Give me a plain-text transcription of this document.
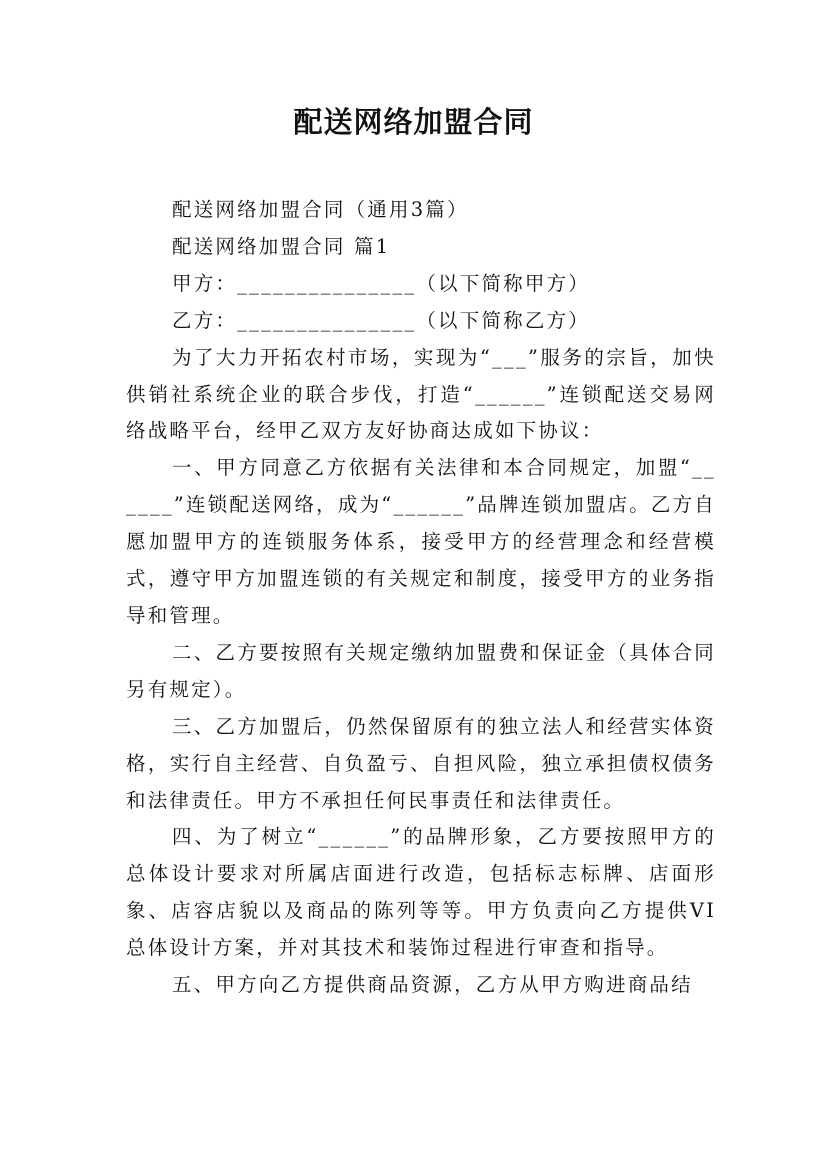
配送网络加盟合同

配送网络加盟合同（通用3篇）

配送网络加盟合同 篇1

甲方：_______________（以下简称甲方）

乙方：_______________（以下简称乙方）

为了大力开拓农村市场，实现为“___”服务的宗旨，加快供销社系统企业的联合步伐，打造“______”连锁配送交易网络战略平台，经甲乙双方友好协商达成如下协议：

一、甲方同意乙方依据有关法律和本合同规定，加盟“______”连锁配送网络，成为“______”品牌连锁加盟店。乙方自愿加盟甲方的连锁服务体系，接受甲方的经营理念和经营模式，遵守甲方加盟连锁的有关规定和制度，接受甲方的业务指导和管理。

二、乙方要按照有关规定缴纳加盟费和保证金（具体合同另有规定）。

三、乙方加盟后，仍然保留原有的独立法人和经营实体资格，实行自主经营、自负盈亏、自担风险，独立承担债权债务和法律责任。甲方不承担任何民事责任和法律责任。

四、为了树立“______”的品牌形象，乙方要按照甲方的总体设计要求对所属店面进行改造，包括标志标牌、店面形象、店容店貌以及商品的陈列等等。甲方负责向乙方提供VI总体设计方案，并对其技术和装饰过程进行审查和指导。

五、甲方向乙方提供商品资源，乙方从甲方购进商品结
